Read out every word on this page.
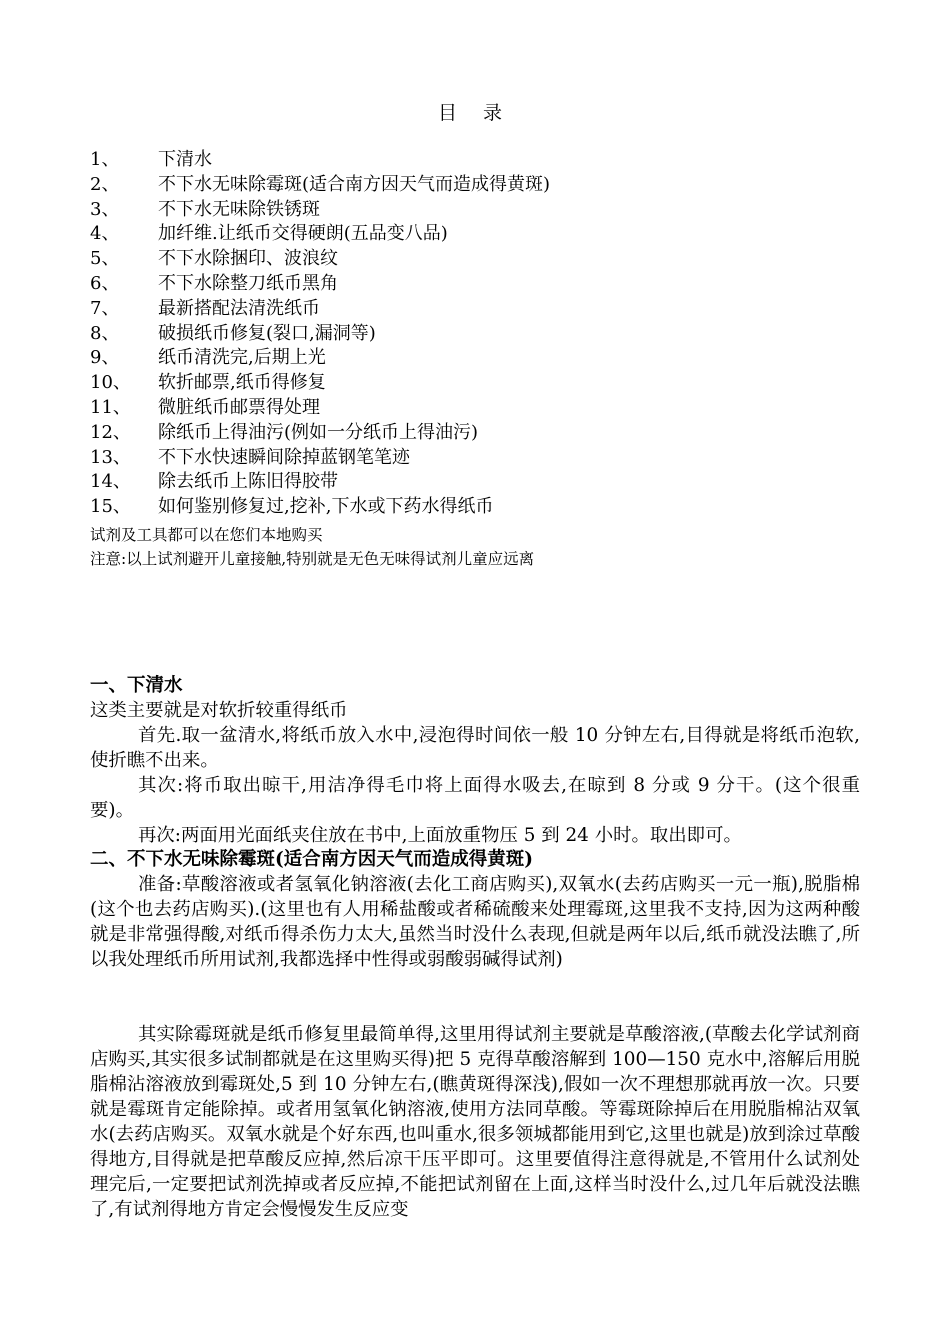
目 录
1、	下清水
2、	不下水无味除霉斑(适合南方因天气而造成得黄斑)
3、	不下水无味除铁锈斑
4、	加纤维.让纸币交得硬朗(五品变八品)
5、	不下水除捆印、波浪纹
6、	不下水除整刀纸币黑角
7、	最新搭配法清洗纸币
8、	破损纸币修复(裂口,漏洞等)
9、	纸币清洗完,后期上光
10、	软折邮票,纸币得修复
11、	微脏纸币邮票得处理
12、	除纸币上得油污(例如一分纸币上得油污)
13、	不下水快速瞬间除掉蓝钢笔笔迹
14、	除去纸币上陈旧得胶带
15、	如何鉴别修复过,挖补,下水或下药水得纸币
试剂及工具都可以在您们本地购买
注意:以上试剂避开儿童接触,特别就是无色无味得试剂儿童应远离
一、下清水
这类主要就是对软折较重得纸币
首先.取一盆清水,将纸币放入水中,浸泡得时间依一般 10 分钟左右,目得就是将纸币泡软,使折瞧不出来。
其次:将币取出晾干,用洁净得毛巾将上面得水吸去,在晾到 8 分或 9 分干。(这个很重要)。
再次:两面用光面纸夹住放在书中,上面放重物压 5 到 24 小时。取出即可。
二、不下水无味除霉斑(适合南方因天气而造成得黄斑)
准备:草酸溶液或者氢氧化钠溶液(去化工商店购买),双氧水(去药店购买一元一瓶),脱脂棉(这个也去药店购买).(这里也有人用稀盐酸或者稀硫酸来处理霉斑,这里我不支持,因为这两种酸就是非常强得酸,对纸币得杀伤力太大,虽然当时没什么表现,但就是两年以后,纸币就没法瞧了,所以我处理纸币所用试剂,我都选择中性得或弱酸弱碱得试剂)
其实除霉斑就是纸币修复里最简单得,这里用得试剂主要就是草酸溶液,(草酸去化学试剂商店购买,其实很多试制都就是在这里购买得)把 5 克得草酸溶解到 100—150 克水中,溶解后用脱脂棉沾溶液放到霉斑处,5 到 10 分钟左右,(瞧黄斑得深浅),假如一次不理想那就再放一次。只要就是霉斑肯定能除掉。或者用氢氧化钠溶液,使用方法同草酸。等霉斑除掉后在用脱脂棉沾双氧水(去药店购买。双氧水就是个好东西,也叫重水,很多领城都能用到它,这里也就是)放到涂过草酸得地方,目得就是把草酸反应掉,然后凉干压平即可。这里要值得注意得就是,不管用什么试剂处理完后,一定要把试剂洗掉或者反应掉,不能把试剂留在上面,这样当时没什么,过几年后就没法瞧了,有试剂得地方肯定会慢慢发生反应变
